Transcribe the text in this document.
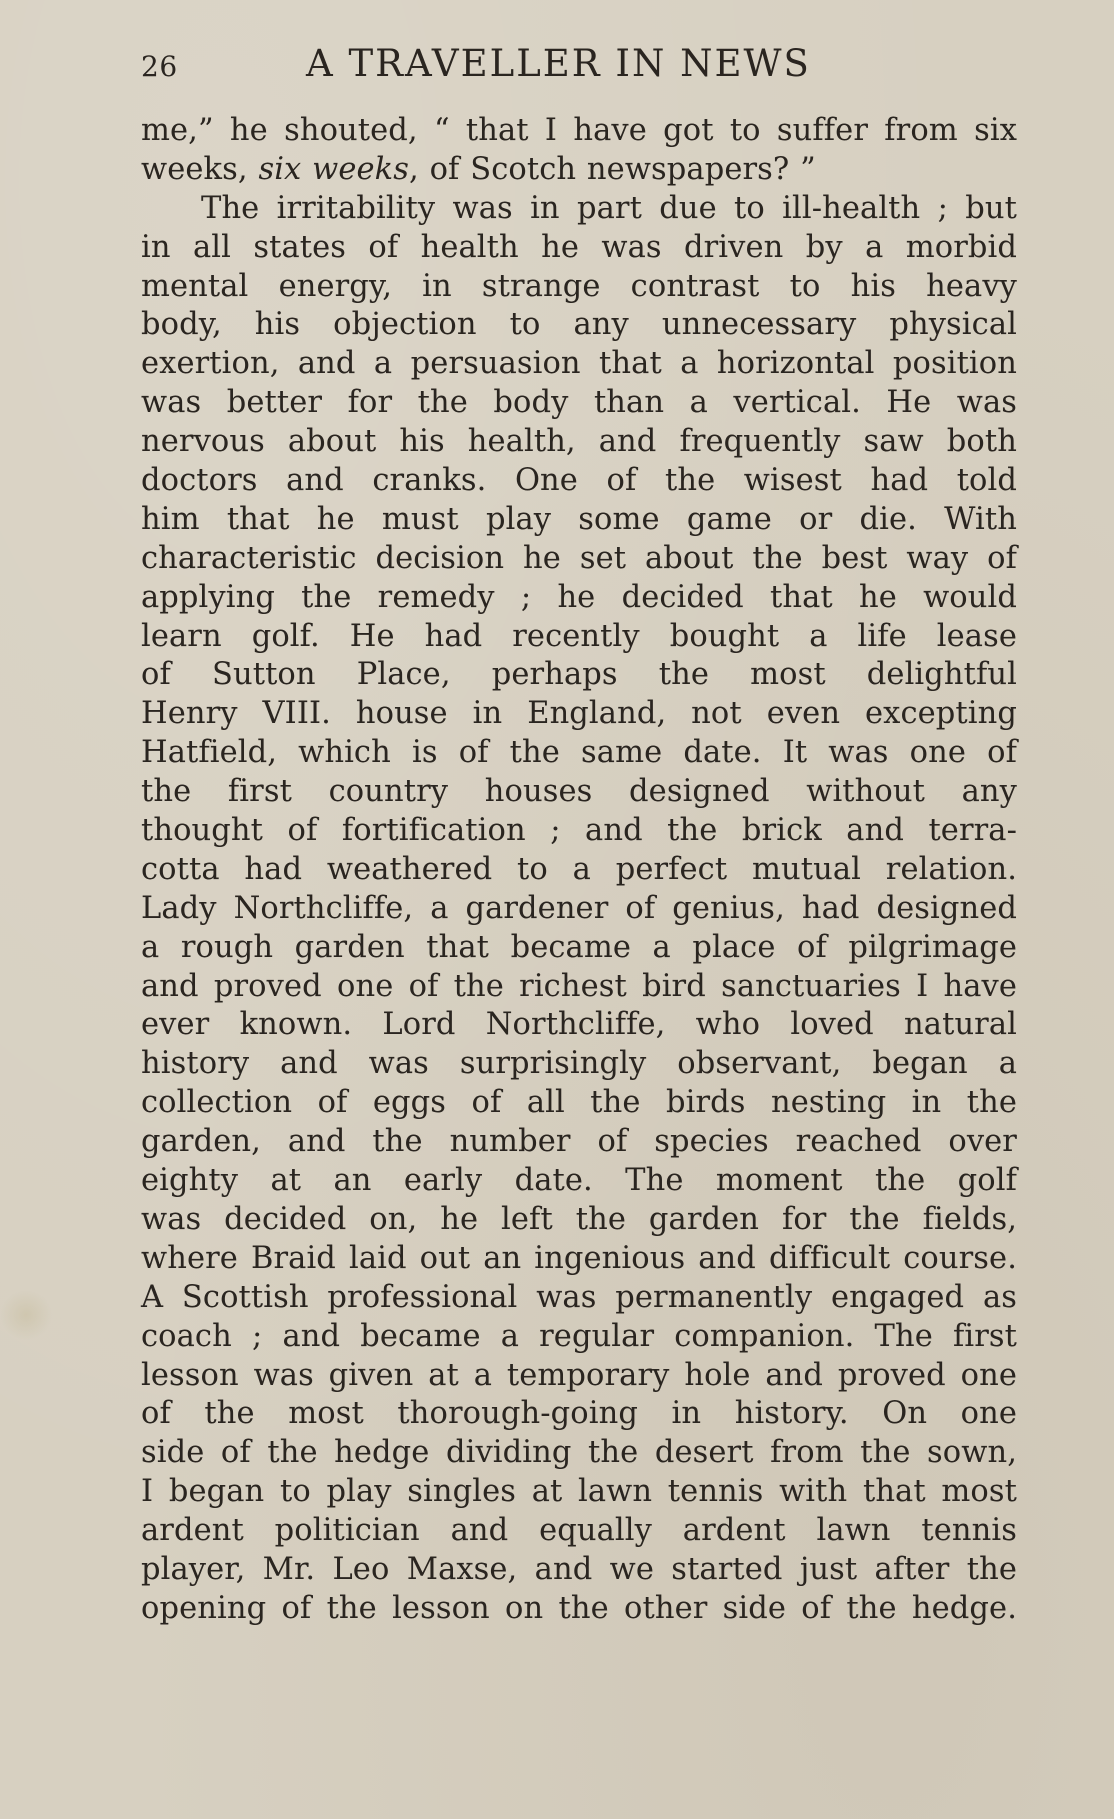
26	A TRAVELLER IN NEWS
me,” he shouted, “ that I have got to suffer from six
weeks, six weeks, of Scotch newspapers? ”
The irritability was in part due to ill-health ; but
in all states of health he was driven by a morbid
mental energy, in strange contrast to his heavy
body, his objection to any unnecessary physical
exertion, and a persuasion that a horizontal position
was better for the body than a vertical. He was
nervous about his health, and frequently saw both
doctors and cranks. One of the wisest had told
him that he must play some game or die. With
characteristic decision he set about the best way of
applying the remedy ; he decided that he would
learn golf. He had recently bought a life lease
of Sutton Place, perhaps the most delightful
Henry VIII. house in England, not even excepting
Hatfield, which is of the same date. It was one of
the first country houses designed without any
thought of fortification ; and the brick and terra-
cotta had weathered to a perfect mutual relation.
Lady Northcliffe, a gardener of genius, had designed
a rough garden that became a place of pilgrimage
and proved one of the richest bird sanctuaries I have
ever known. Lord Northcliffe, who loved natural
history and was surprisingly observant, began a
collection of eggs of all the birds nesting in the
garden, and the number of species reached over
eighty at an early date. The moment the golf
was decided on, he left the garden for the fields,
where Braid laid out an ingenious and difficult course.
A Scottish professional was permanently engaged as
coach ; and became a regular companion. The first
lesson was given at a temporary hole and proved one
of the most thorough-going in history. On one
side of the hedge dividing the desert from the sown,
I began to play singles at lawn tennis with that most
ardent politician and equally ardent lawn tennis
player, Mr. Leo Maxse, and we started just after the
opening of the lesson on the other side of the hedge.
